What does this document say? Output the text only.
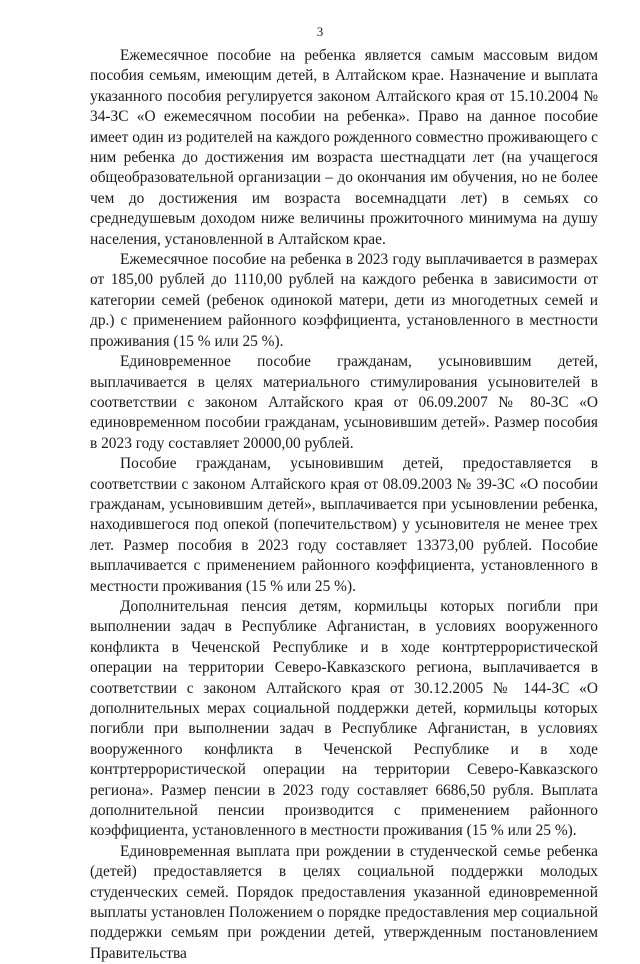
3

Ежемесячное пособие на ребенка является самым массовым видом пособия семьям, имеющим детей, в Алтайском крае. Назначение и выплата указанного пособия регулируется законом Алтайского края от 15.10.2004 № 34-ЗС «О ежемесячном пособии на ребенка». Право на данное пособие имеет один из родителей на каждого рожденного совместно проживающего с ним ребенка до достижения им возраста шестнадцати лет (на учащегося общеобразовательной организации – до окончания им обучения, но не более чем до достижения им возраста восемнадцати лет) в семьях со среднедушевым доходом ниже величины прожиточного минимума на душу населения, установленной в Алтайском крае.

Ежемесячное пособие на ребенка в 2023 году выплачивается в размерах от 185,00 рублей до 1110,00 рублей на каждого ребенка в зависимости от категории семей (ребенок одинокой матери, дети из многодетных семей и др.) с применением районного коэффициента, установленного в местности проживания (15 % или 25 %).

Единовременное пособие гражданам, усыновившим детей, выплачивается в целях материального стимулирования усыновителей в соответствии с законом Алтайского края от 06.09.2007 № 80-ЗС «О единовременном пособии гражданам, усыновившим детей». Размер пособия в 2023 году составляет 20000,00 рублей.

Пособие гражданам, усыновившим детей, предоставляется в соответствии с законом Алтайского края от 08.09.2003 № 39-ЗС «О пособии гражданам, усыновившим детей», выплачивается при усыновлении ребенка, находившегося под опекой (попечительством) у усыновителя не менее трех лет. Размер пособия в 2023 году составляет 13373,00 рублей. Пособие выплачивается с применением районного коэффициента, установленного в местности проживания (15 % или 25 %).

Дополнительная пенсия детям, кормильцы которых погибли при выполнении задач в Республике Афганистан, в условиях вооруженного конфликта в Чеченской Республике и в ходе контртеррористической операции на территории Северо-Кавказского региона, выплачивается в соответствии с законом Алтайского края от 30.12.2005 № 144-ЗС «О дополнительных мерах социальной поддержки детей, кормильцы которых погибли при выполнении задач в Республике Афганистан, в условиях вооруженного конфликта в Чеченской Республике и в ходе контртеррористической операции на территории Северо-Кавказского региона». Размер пенсии в 2023 году составляет 6686,50 рубля. Выплата дополнительной пенсии производится с применением районного коэффициента, установленного в местности проживания (15 % или 25 %).

Единовременная выплата при рождении в студенческой семье ребенка (детей) предоставляется в целях социальной поддержки молодых студенческих семей. Порядок предоставления указанной единовременной выплаты установлен Положением о порядке предоставления мер социальной поддержки семьям при рождении детей, утвержденным постановлением Правительства
